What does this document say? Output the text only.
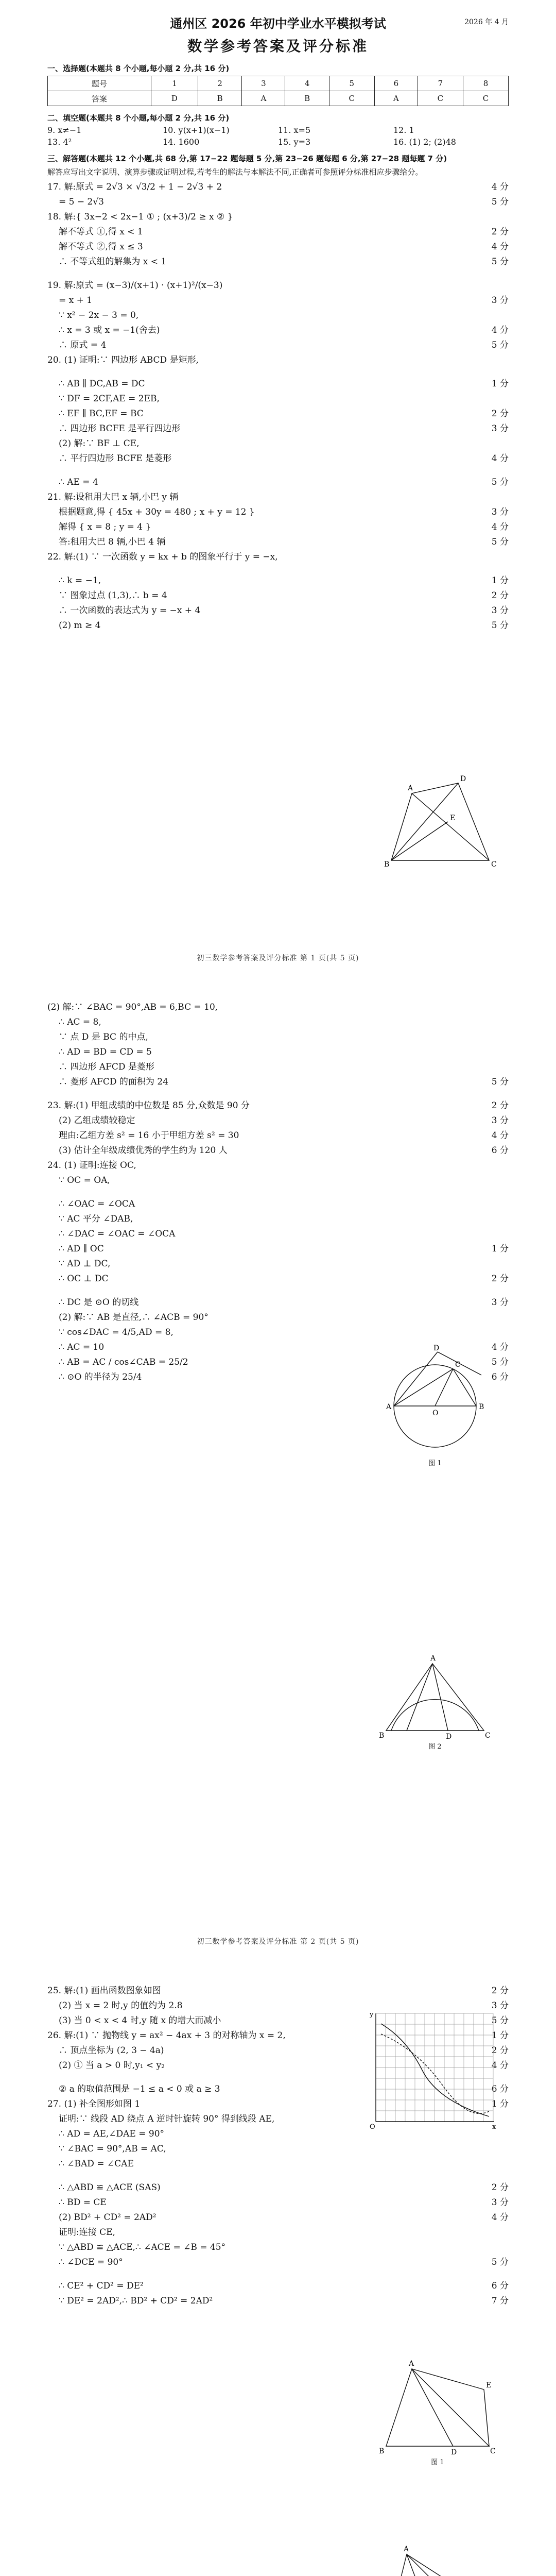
通州区 2026 年初中学业水平模拟考试	2026 年 4 月
数学参考答案及评分标准
一、选择题(本题共 8 个小题,每小题 2 分,共 16 分)
题号	1	2	3	4	5	6	7	8
答案	D	B	A	B	C	A	C	C
二、填空题(本题共 8 个小题,每小题 2 分,共 16 分)
9. x≠−1	10. y(x+1)(x−1)	11. x=5	12. 1
13. 4²	14. 1600	15. y=3	16. (1) 2; (2)48
三、解答题(本题共 12 个小题,共 68 分,第 17−22 题每题 5 分,第 23−26 题每题 6 分,第 27−28 题每题 7 分)
解答应写出文字说明、演算步骤或证明过程,若考生的解法与本解法不同,正确者可参照评分标准相应步骤给分。
17. 解:原式 = 2√3 × √3/2 + 1 − 2√3 + 2	4 分
= 5 − 2√3	5 分
18. 解:{ 3x−2 < 2x−1 ① ; (x+3)/2 ≥ x ② }
解不等式 ①,得 x < 1	2 分
解不等式 ②,得 x ≤ 3	4 分
∴ 不等式组的解集为 x < 1	5 分
19. 解:原式 = (x−3)/(x+1) · (x+1)²/(x−3)
= x + 1	3 分
∵ x² − 2x − 3 = 0,
∴ x = 3 或 x = −1(舍去)	4 分
∴ 原式 = 4	5 分
20. (1) 证明:∵ 四边形 ABCD 是矩形,
∴ AB ∥ DC,AB = DC	1 分
∵ DF = 2CF,AE = 2EB,
∴ EF ∥ BC,EF = BC	2 分
∴ 四边形 BCFE 是平行四边形	3 分
(2) 解:∵ BF ⊥ CE,
∴ 平行四边形 BCFE 是菱形	4 分
∴ AE = 4	5 分
21. 解:设租用大巴 x 辆,小巴 y 辆
根据题意,得 { 45x + 30y = 480 ; x + y = 12 }	3 分
解得 { x = 8 ; y = 4 }	4 分
答:租用大巴 8 辆,小巴 4 辆	5 分
22. 解:(1) ∵ 一次函数 y = kx + b 的图象平行于 y = −x,
∴ k = −1,	1 分
∵ 图象过点 (1,3),∴ b = 4	2 分
∴ 一次函数的表达式为 y = −x + 4	3 分
(2) m ≥ 4	5 分
A
B	C
D
E
初三数学参考答案及评分标准 第 1 页(共 5 页)
(2) 解:∵ ∠BAC = 90°,AB = 6,BC = 10,
∴ AC = 8,
∵ 点 D 是 BC 的中点,
∴ AD = BD = CD = 5
∴ 四边形 AFCD 是菱形
∴ 菱形 AFCD 的面积为 24	5 分
23. 解:(1) 甲组成绩的中位数是 85 分,众数是 90 分	2 分
(2) 乙组成绩较稳定	3 分
理由:乙组方差 s² = 16 小于甲组方差 s² = 30	4 分
(3) 估计全年级成绩优秀的学生约为 120 人	6 分
24. (1) 证明:连接 OC,
∵ OC = OA,
∴ ∠OAC = ∠OCA
∵ AC 平分 ∠DAB,
∴ ∠DAC = ∠OAC = ∠OCA
∴ AD ∥ OC	1 分
∵ AD ⊥ DC,
∴ OC ⊥ DC	2 分
∴ DC 是 ⊙O 的切线	3 分
(2) 解:∵ AB 是直径,∴ ∠ACB = 90°
∵ cos∠DAC = 4/5,AD = 8,
∴ AC = 10	4 分
∴ AB = AC / cos∠CAB = 25/2	5 分
∴ ⊙O 的半径为 25/4	6 分
A	B
C
D
O
图 1
A
B	C
D
图 2
初三数学参考答案及评分标准 第 2 页(共 5 页)
25. 解:(1) 画出函数图象如图	2 分
(2) 当 x = 2 时,y 的值约为 2.8	3 分
(3) 当 0 < x < 4 时,y 随 x 的增大而减小	5 分
26. 解:(1) ∵ 抛物线 y = ax² − 4ax + 3 的对称轴为 x = 2,	1 分
∴ 顶点坐标为 (2, 3 − 4a)	2 分
(2) ① 当 a > 0 时,y₁ < y₂	4 分
② a 的取值范围是 −1 ≤ a < 0 或 a ≥ 3	6 分
27. (1) 补全图形如图 1	1 分
证明:∵ 线段 AD 绕点 A 逆时针旋转 90° 得到线段 AE,
∴ AD = AE,∠DAE = 90°
∵ ∠BAC = 90°,AB = AC,
∴ ∠BAD = ∠CAE
∴ △ABD ≌ △ACE (SAS)	2 分
∴ BD = CE	3 分
(2) BD² + CD² = 2AD²	4 分
证明:连接 CE,
∵ △ABD ≌ △ACE,∴ ∠ACE = ∠B = 45°
∴ ∠DCE = 90°	5 分
∴ CE² + CD² = DE²	6 分
∵ DE² = 2AD²,∴ BD² + CD² = 2AD²	7 分
x
y
O
A
B	C
D
E
图 1
A
